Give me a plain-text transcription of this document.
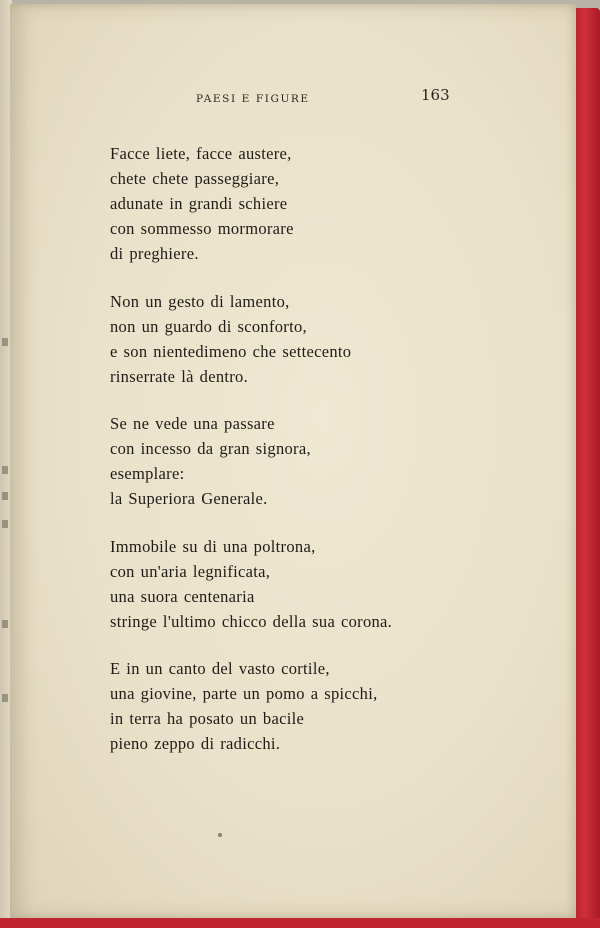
PAESI E FIGURE	163
Facce liete, facce austere,
chete chete passeggiare,
adunate in grandi schiere
con sommesso mormorare
di preghiere.
Non un gesto di lamento,
non un guardo di sconforto,
e son nientedimeno che settecento
rinserrate là dentro.
Se ne vede una passare
con incesso da gran signora,
esemplare:
la Superiora Generale.
Immobile su di una poltrona,
con un'aria legnificata,
una suora centenaria
stringe l'ultimo chicco della sua corona.
E in un canto del vasto cortile,
una giovine, parte un pomo a spicchi,
in terra ha posato un bacile
pieno zeppo di radicchi.
